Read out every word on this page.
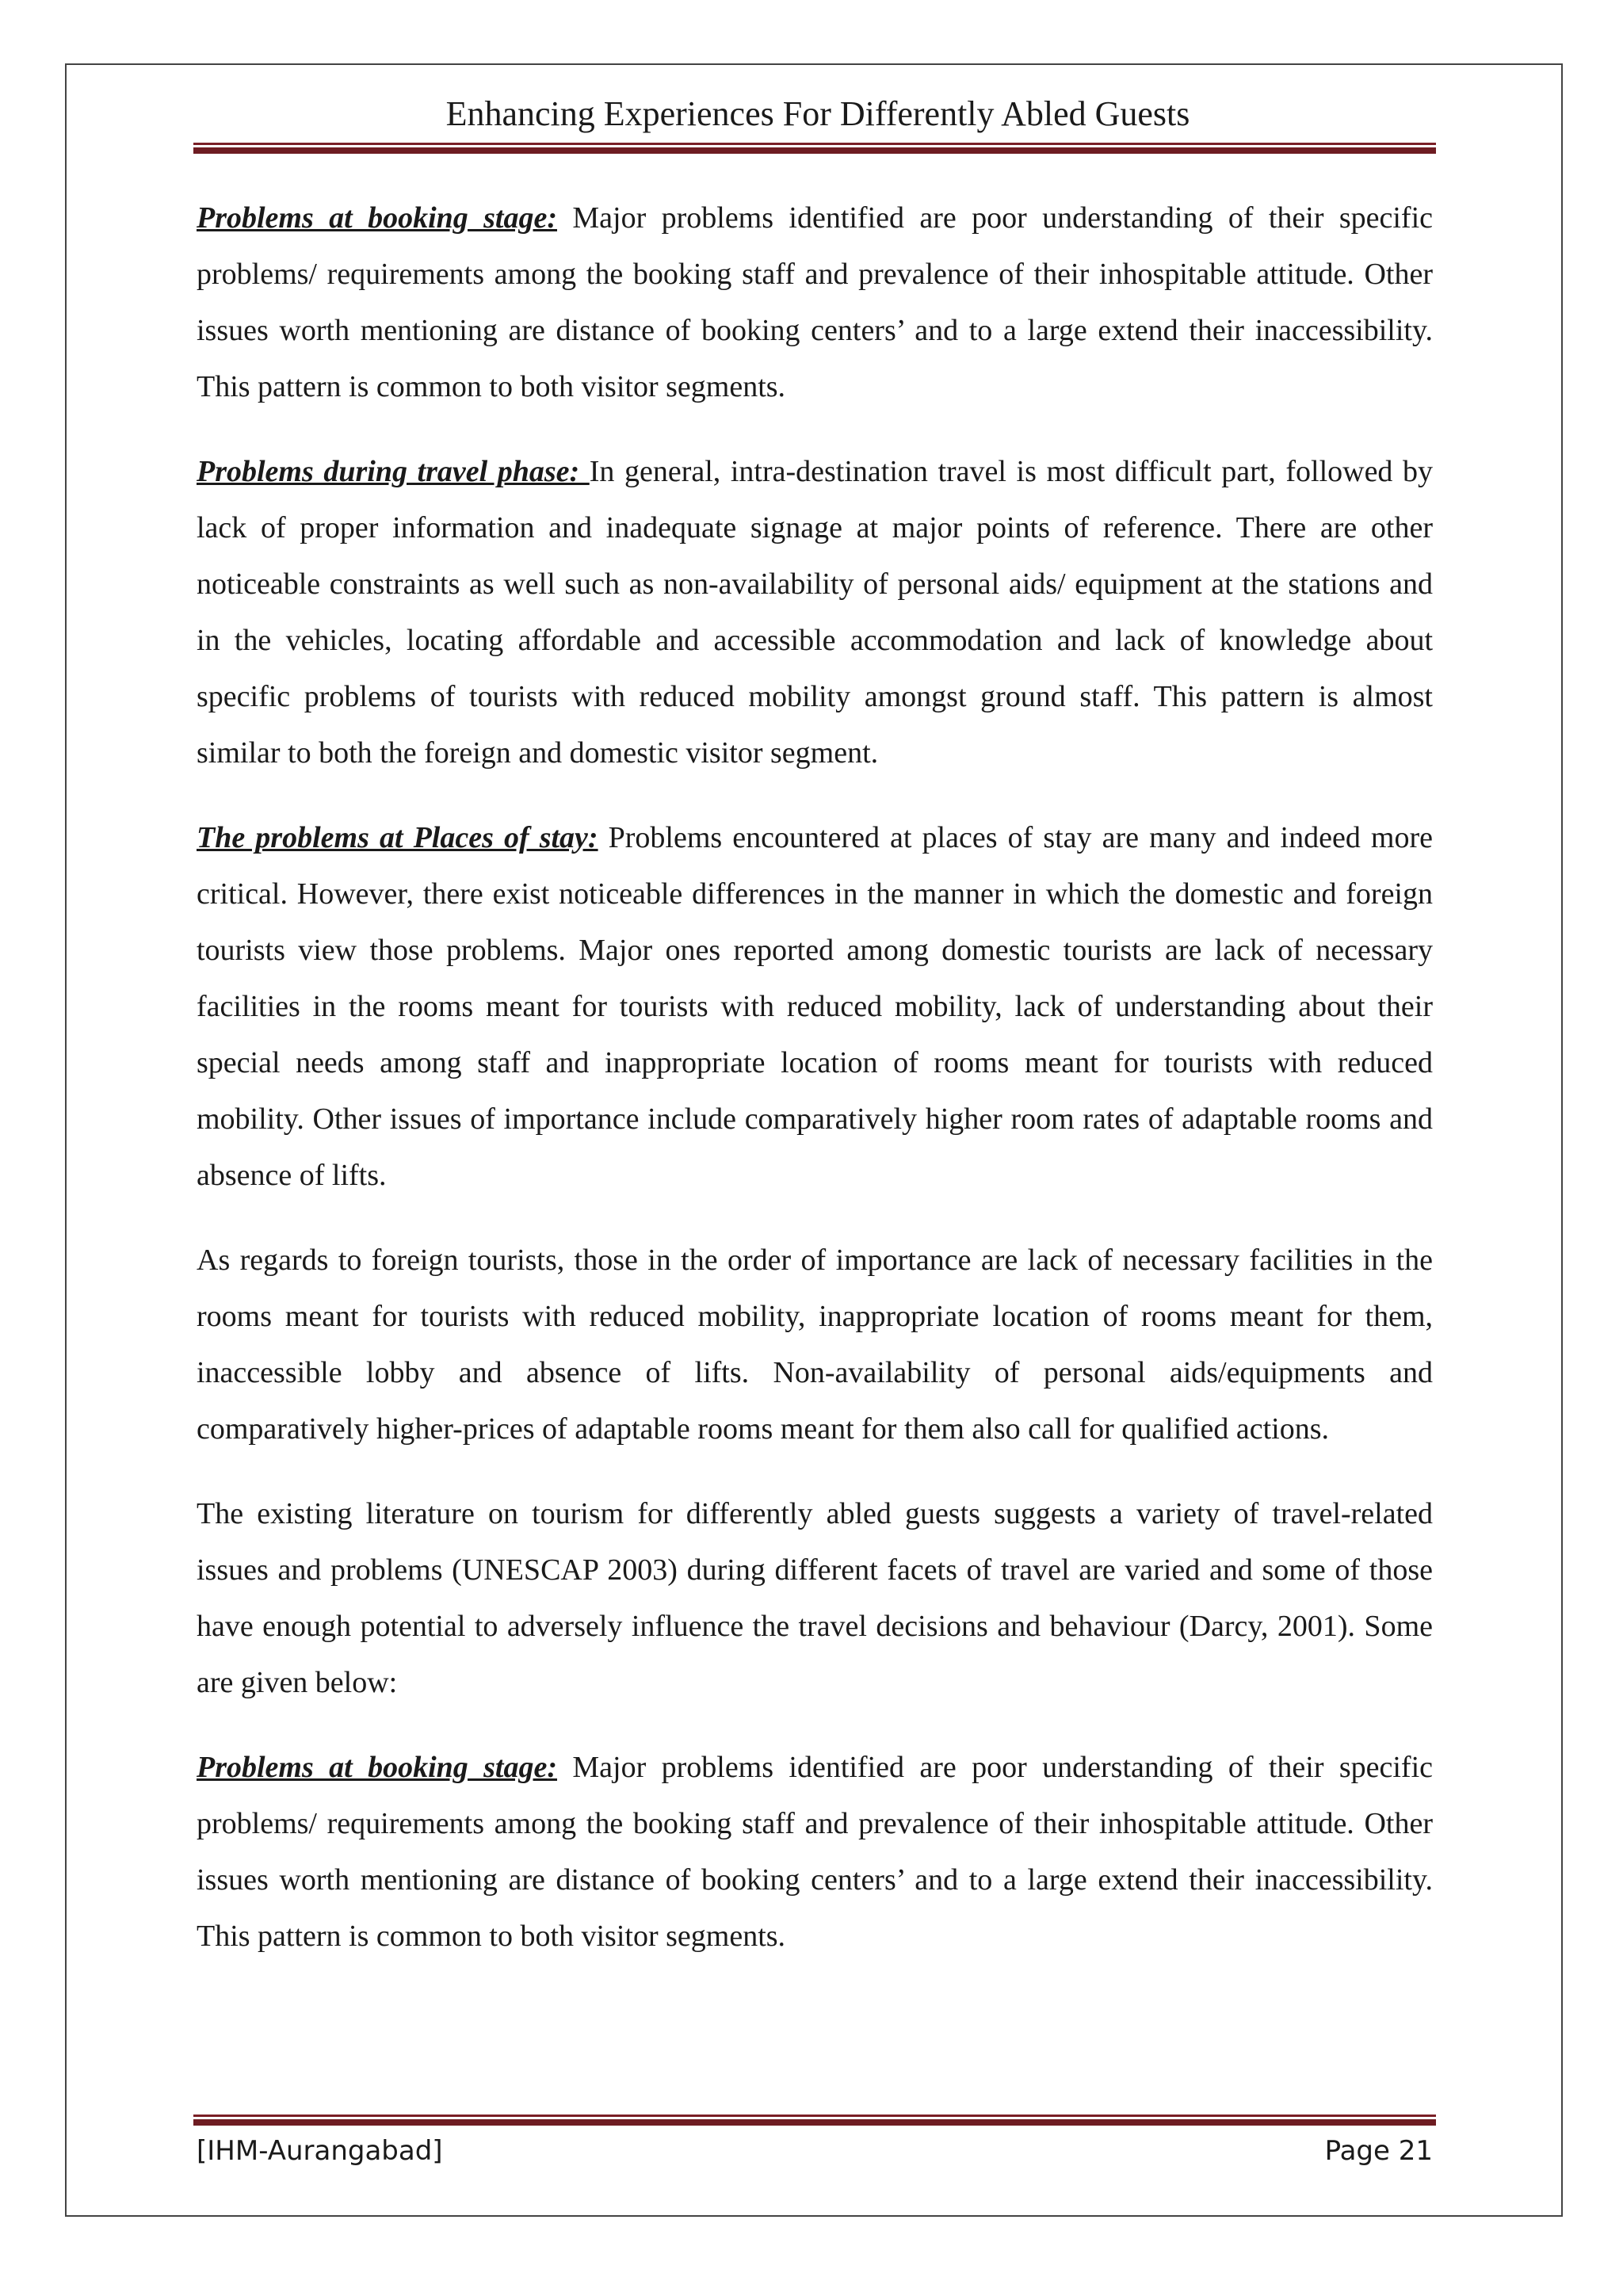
Enhancing Experiences For Differently Abled Guests

Problems at booking stage: Major problems identified are poor understanding of their specific problems/ requirements among the booking staff and prevalence of their inhospitable attitude. Other issues worth mentioning are distance of booking centers’ and to a large extend their inaccessibility. This pattern is common to both visitor segments.

Problems during travel phase: In general, intra-destination travel is most difficult part, followed by lack of proper information and inadequate signage at major points of reference. There are other noticeable constraints as well such as non-availability of personal aids/ equipment at the stations and in the vehicles, locating affordable and accessible accommodation and lack of knowledge about specific problems of tourists with reduced mobility amongst ground staff. This pattern is almost similar to both the foreign and domestic visitor segment.

The problems at Places of stay: Problems encountered at places of stay are many and indeed more critical. However, there exist noticeable differences in the manner in which the domestic and foreign tourists view those problems. Major ones reported among domestic tourists are lack of necessary facilities in the rooms meant for tourists with reduced mobility, lack of understanding about their special needs among staff and inappropriate location of rooms meant for tourists with reduced mobility. Other issues of importance include comparatively higher room rates of adaptable rooms and absence of lifts.

As regards to foreign tourists, those in the order of importance are lack of necessary facilities in the rooms meant for tourists with reduced mobility, inappropriate location of rooms meant for them, inaccessible lobby and absence of lifts. Non-availability of personal aids/equipments and comparatively higher-prices of adaptable rooms meant for them also call for qualified actions.

The existing literature on tourism for differently abled guests suggests a variety of travel-related issues and problems (UNESCAP 2003) during different facets of travel are varied and some of those have enough potential to adversely influence the travel decisions and behaviour (Darcy, 2001). Some are given below:

Problems at booking stage: Major problems identified are poor understanding of their specific problems/ requirements among the booking staff and prevalence of their inhospitable attitude. Other issues worth mentioning are distance of booking centers’ and to a large extend their inaccessibility. This pattern is common to both visitor segments.

[IHM-Aurangabad]	Page 21
